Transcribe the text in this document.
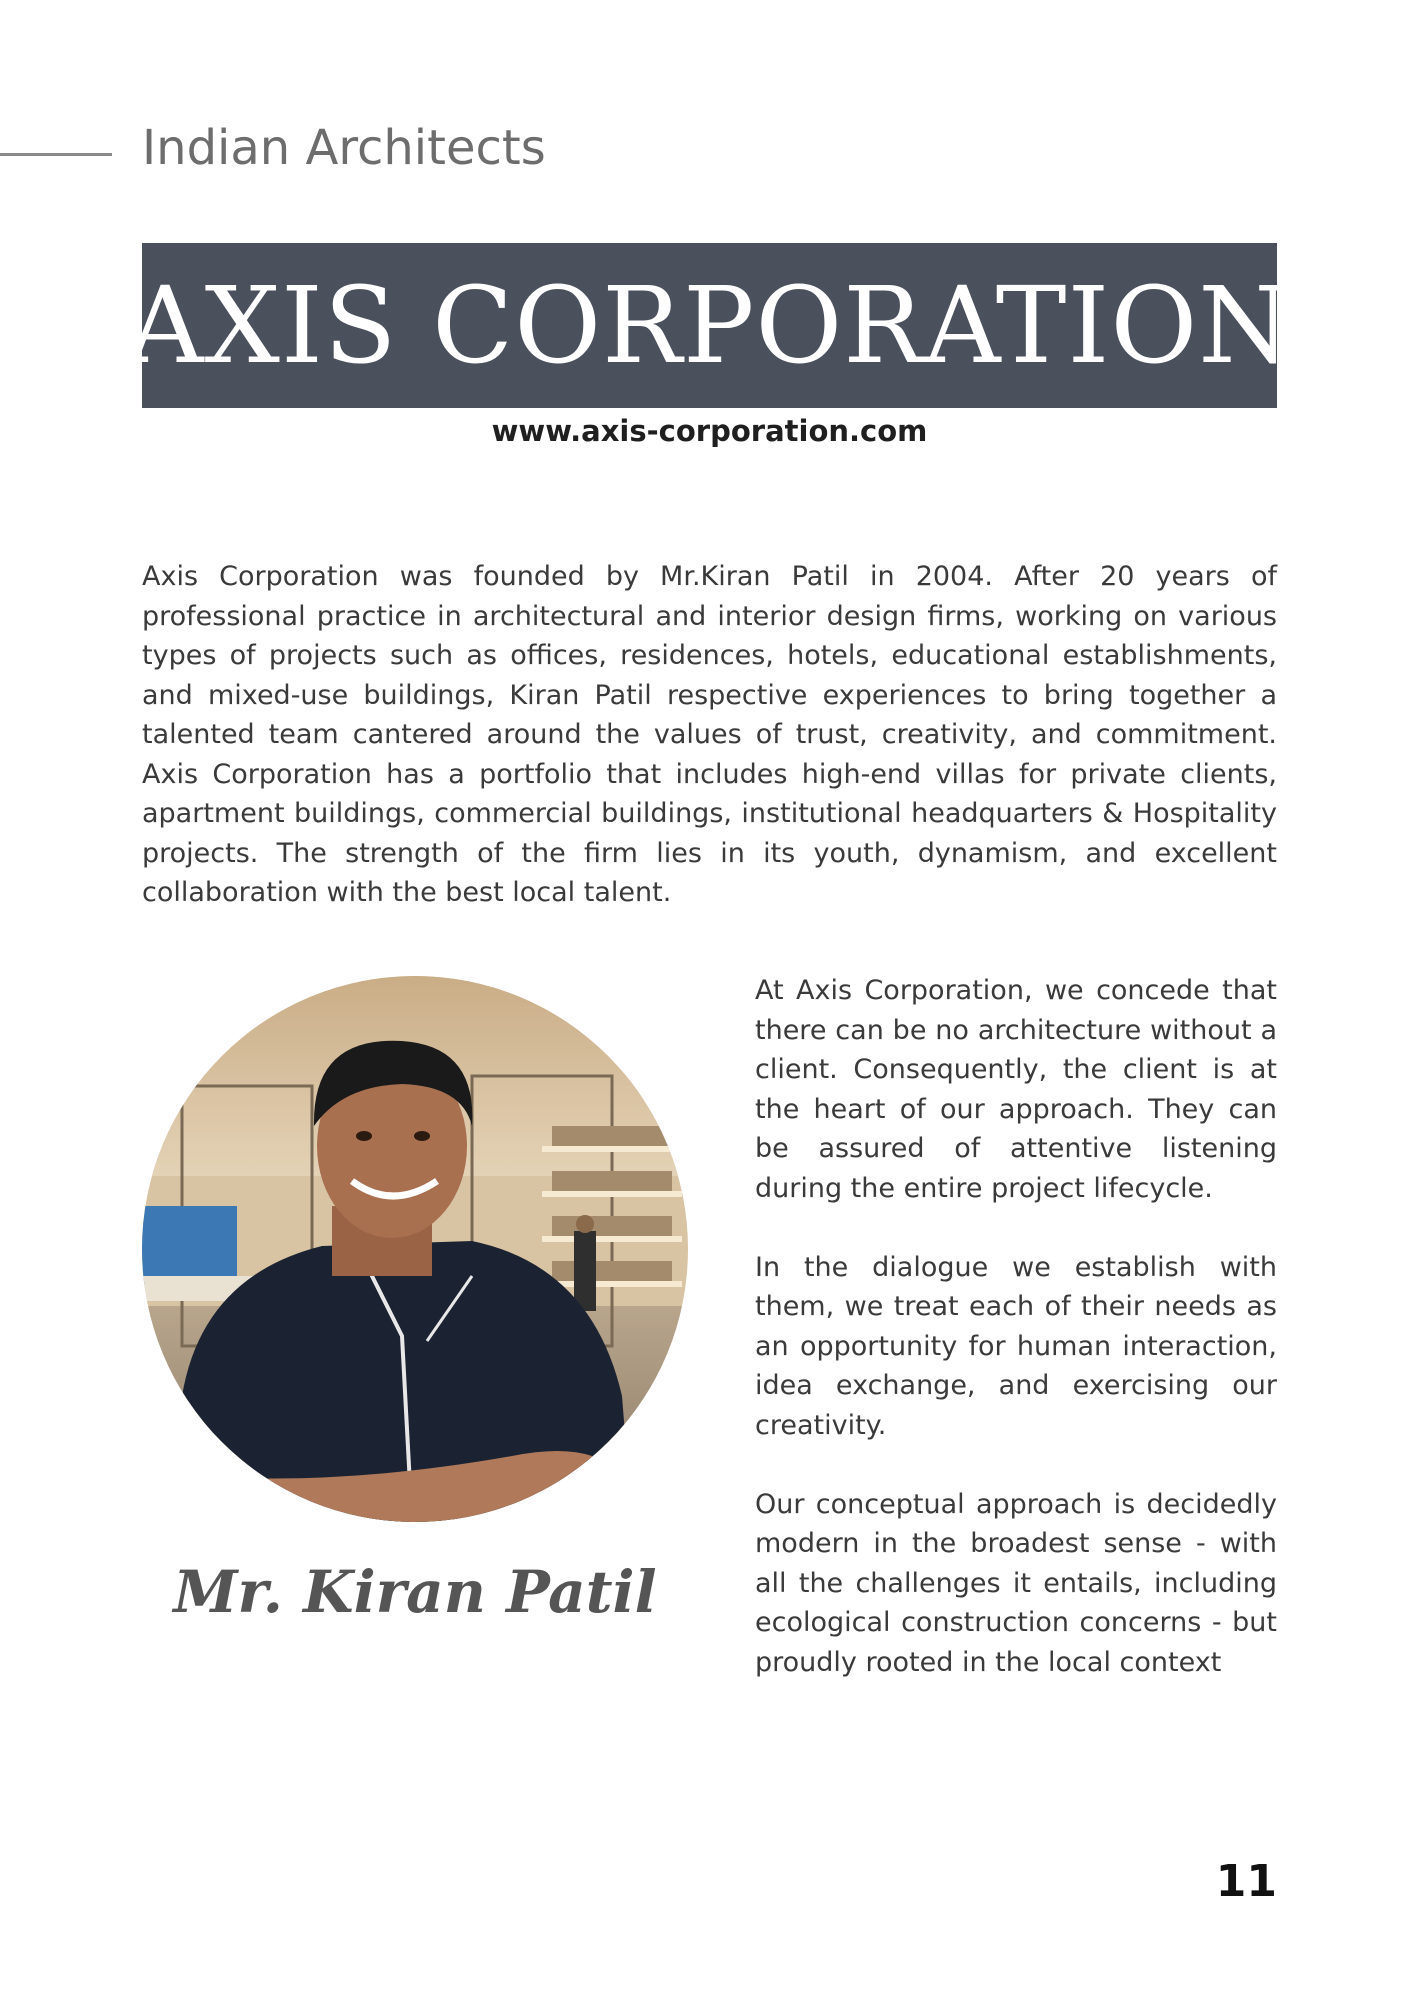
Indian Architects
AXIS CORPORATION
www.axis-corporation.com

Axis Corporation was founded by Mr.Kiran Patil in 2004. After 20 years of professional practice in architectural and interior design firms, working on various types of projects such as offices, residences, hotels, educational establishments, and mixed-use buildings, Kiran Patil respective experiences to bring together a talented team cantered around the values of trust, creativity, and commitment. Axis Corporation has a portfolio that includes high-end villas for private clients, apartment buildings, commercial buildings, institutional headquarters & Hospitality projects. The strength of the firm lies in its youth, dynamism, and excellent collaboration with the best local talent.

Mr. Kiran Patil

At Axis Corporation, we concede that there can be no architecture without a client. Consequently, the client is at the heart of our approach. They can be assured of attentive listening during the entire project lifecycle.

In the dialogue we establish with them, we treat each of their needs as an opportunity for human interaction, idea exchange, and exercising our creativity.

Our conceptual approach is decidedly modern in the broadest sense - with all the challenges it entails, including ecological construction concerns - but proudly rooted in the local context

11
